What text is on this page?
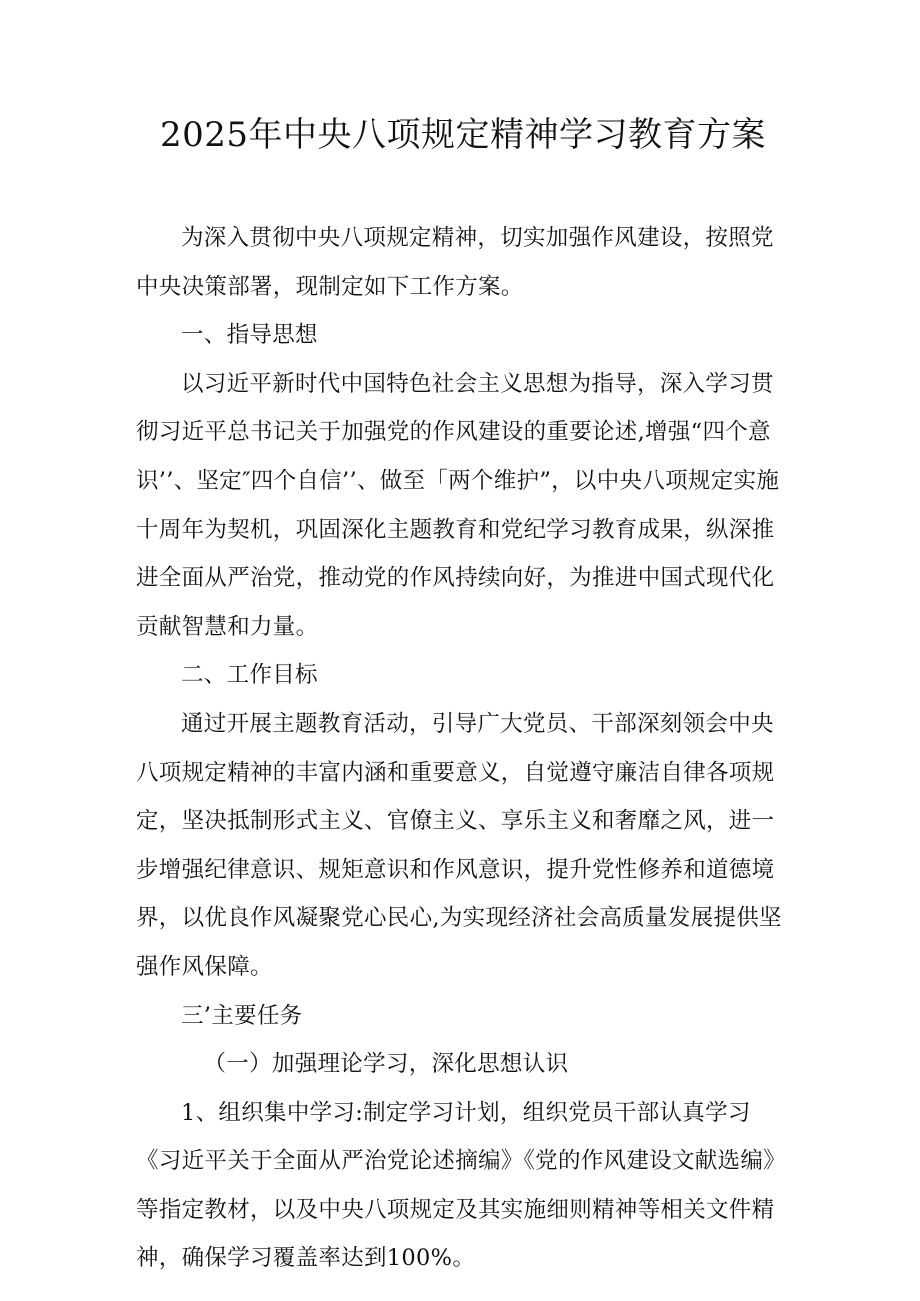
2025年中央八项规定精神学习教育方案

为深入贯彻中央八项规定精神，切实加强作风建设，按照党中央决策部署，现制定如下工作方案。

一、指导思想

以习近平新时代中国特色社会主义思想为指导，深入学习贯彻习近平总书记关于加强党的作风建设的重要论述,增强“四个意识’’、坚定″四个自信’’、做至「两个维护”，以中央八项规定实施十周年为契机，巩固深化主题教育和党纪学习教育成果，纵深推进全面从严治党，推动党的作风持续向好，为推进中国式现代化贡献智慧和力量。

二、工作目标

通过开展主题教育活动，引导广大党员、干部深刻领会中央八项规定精神的丰富内涵和重要意义，自觉遵守廉洁自律各项规定，坚决抵制形式主义、官僚主义、享乐主义和奢靡之风，进一步增强纪律意识、规矩意识和作风意识，提升党性修养和道德境界，以优良作风凝聚党心民心,为实现经济社会高质量发展提供坚强作风保障。

三’主要任务

（一）加强理论学习，深化思想认识

1、组织集中学习:制定学习计划，组织党员干部认真学习《习近平关于全面从严治党论述摘编》《党的作风建设文献选编》等指定教材，以及中央八项规定及其实施细则精神等相关文件精神，确保学习覆盖率达到100%。
